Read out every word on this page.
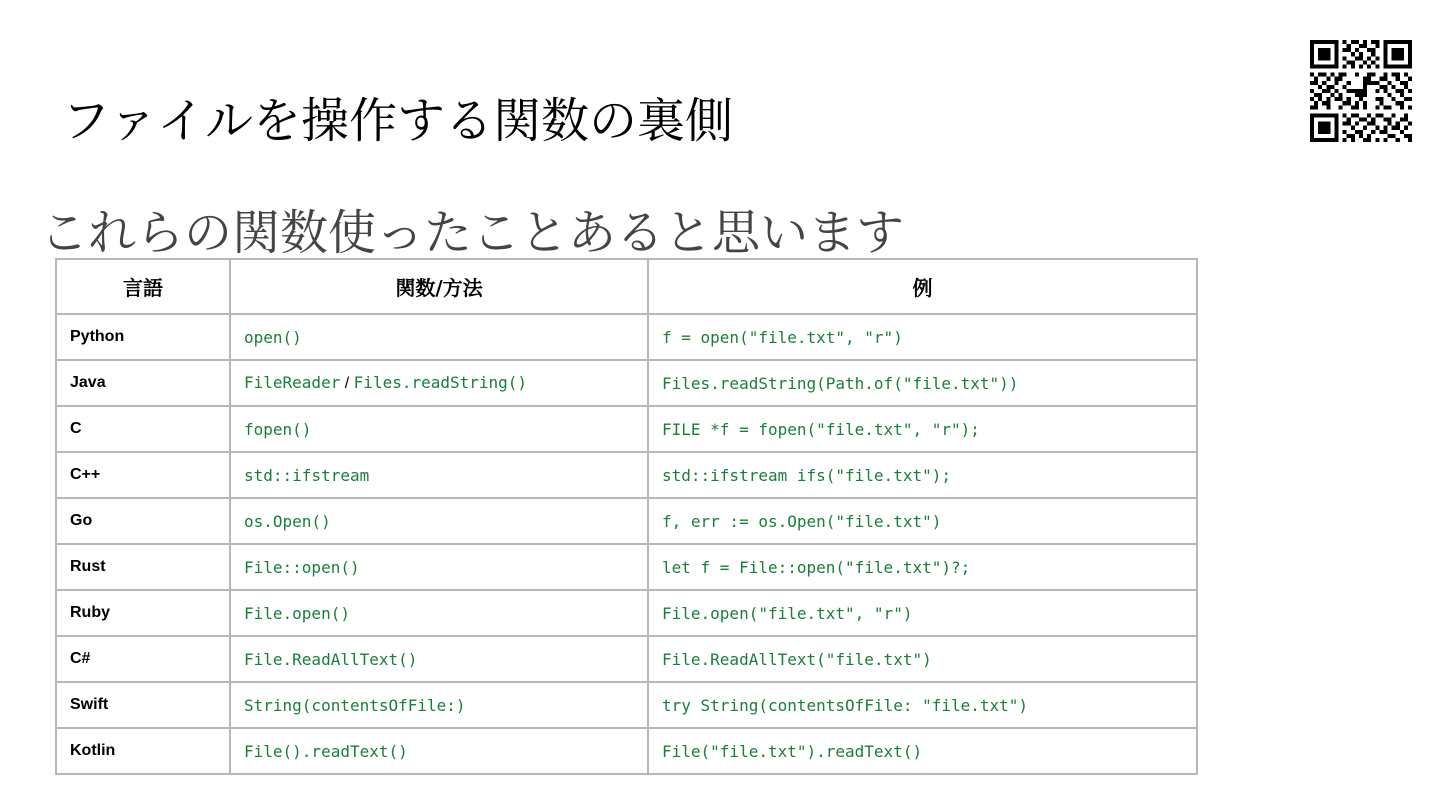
ファイルを操作する関数の裏側
これらの関数使ったことあると思います
言語	関数/方法	例
Python	open()	f = open("file.txt", "r")
Java	FileReader / Files.readString()	Files.readString(Path.of("file.txt"))
C	fopen()	FILE *f = fopen("file.txt", "r");
C++	std::ifstream	std::ifstream ifs("file.txt");
Go	os.Open()	f, err := os.Open("file.txt")
Rust	File::open()	let f = File::open("file.txt")?;
Ruby	File.open()	File.open("file.txt", "r")
C#	File.ReadAllText()	File.ReadAllText("file.txt")
Swift	String(contentsOfFile:)	try String(contentsOfFile: "file.txt")
Kotlin	File().readText()	File("file.txt").readText()
